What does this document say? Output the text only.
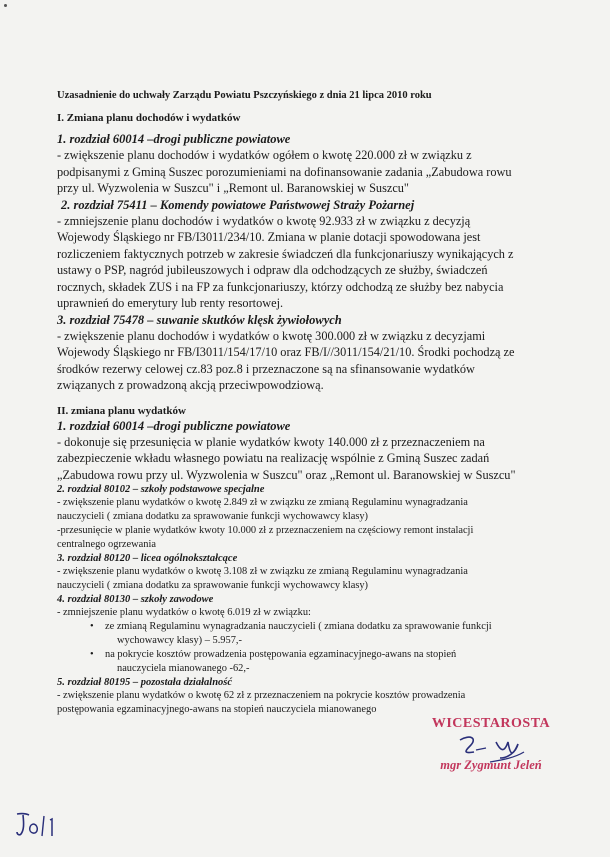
Uzasadnienie do uchwały Zarządu Powiatu Pszczyńskiego z dnia 21 lipca 2010 roku
I. Zmiana planu dochodów i wydatków
1. rozdział 60014 –drogi publiczne powiatowe
- zwiększenie planu dochodów i wydatków ogółem o kwotę 220.000 zł w związku z
podpisanymi z Gminą Suszec porozumieniami na dofinansowanie zadania „Zabudowa rowu
przy ul. Wyzwolenia w Suszcu" i „Remont ul. Baranowskiej w Suszcu"
2. rozdział 75411 – Komendy powiatowe Państwowej Straży Pożarnej
- zmniejszenie planu dochodów i wydatków o kwotę 92.933 zł w związku z decyzją
Wojewody Śląskiego nr FB/I3011/234/10. Zmiana w planie dotacji spowodowana jest
rozliczeniem faktycznych potrzeb w zakresie świadczeń dla funkcjonariuszy wynikających z
ustawy o PSP, nagród jubileuszowych i odpraw dla odchodzących ze służby, świadczeń
rocznych, składek ZUS i na FP za funkcjonariuszy, którzy odchodzą ze służby bez nabycia
uprawnień do emerytury lub renty resortowej.
3. rozdział 75478 – suwanie skutków klęsk żywiołowych
- zwiększenie planu dochodów i wydatków o kwotę 300.000 zł w związku z decyzjami
Wojewody Śląskiego nr FB/I3011/154/17/10 oraz FB/I//3011/154/21/10. Środki pochodzą ze
środków rezerwy celowej cz.83 poz.8 i przeznaczone są na sfinansowanie wydatków
związanych z prowadzoną akcją przeciwpowodziową.
II. zmiana planu wydatków
1. rozdział 60014 –drogi publiczne powiatowe
- dokonuje się przesunięcia w planie wydatków kwoty 140.000 zł z przeznaczeniem na
zabezpieczenie wkładu własnego powiatu na realizację wspólnie z Gminą Suszec zadań
„Zabudowa rowu przy ul. Wyzwolenia w Suszcu" oraz „Remont ul. Baranowskiej w Suszcu"
2. rozdział 80102 – szkoły podstawowe specjalne
- zwiększenie planu wydatków o kwotę 2.849 zł w związku ze zmianą Regulaminu wynagradzania
nauczycieli ( zmiana dodatku za sprawowanie funkcji wychowawcy klasy)
-przesunięcie w planie wydatków kwoty 10.000 zł z przeznaczeniem na częściowy remont instalacji
centralnego ogrzewania
3. rozdział 80120 – licea ogólnokształcące
- zwiększenie planu wydatków o kwotę 3.108 zł w związku ze zmianą Regulaminu wynagradzania
nauczycieli ( zmiana dodatku za sprawowanie funkcji wychowawcy klasy)
4. rozdział 80130 – szkoły zawodowe
- zmniejszenie planu wydatków o kwotę 6.019 zł w związku:
• ze zmianą Regulaminu wynagradzania nauczycieli ( zmiana dodatku za sprawowanie funkcji
wychowawcy klasy) – 5.957,-
• na pokrycie kosztów prowadzenia postępowania egzaminacyjnego-awans na stopień
nauczyciela mianowanego -62,-
5. rozdział 80195 – pozostała działalność
- zwiększenie planu wydatków o kwotę 62 zł z przeznaczeniem na pokrycie kosztów prowadzenia
postępowania egzaminacyjnego-awans na stopień nauczyciela mianowanego
WICESTAROSTA
mgr Zygmunt Jeleń
